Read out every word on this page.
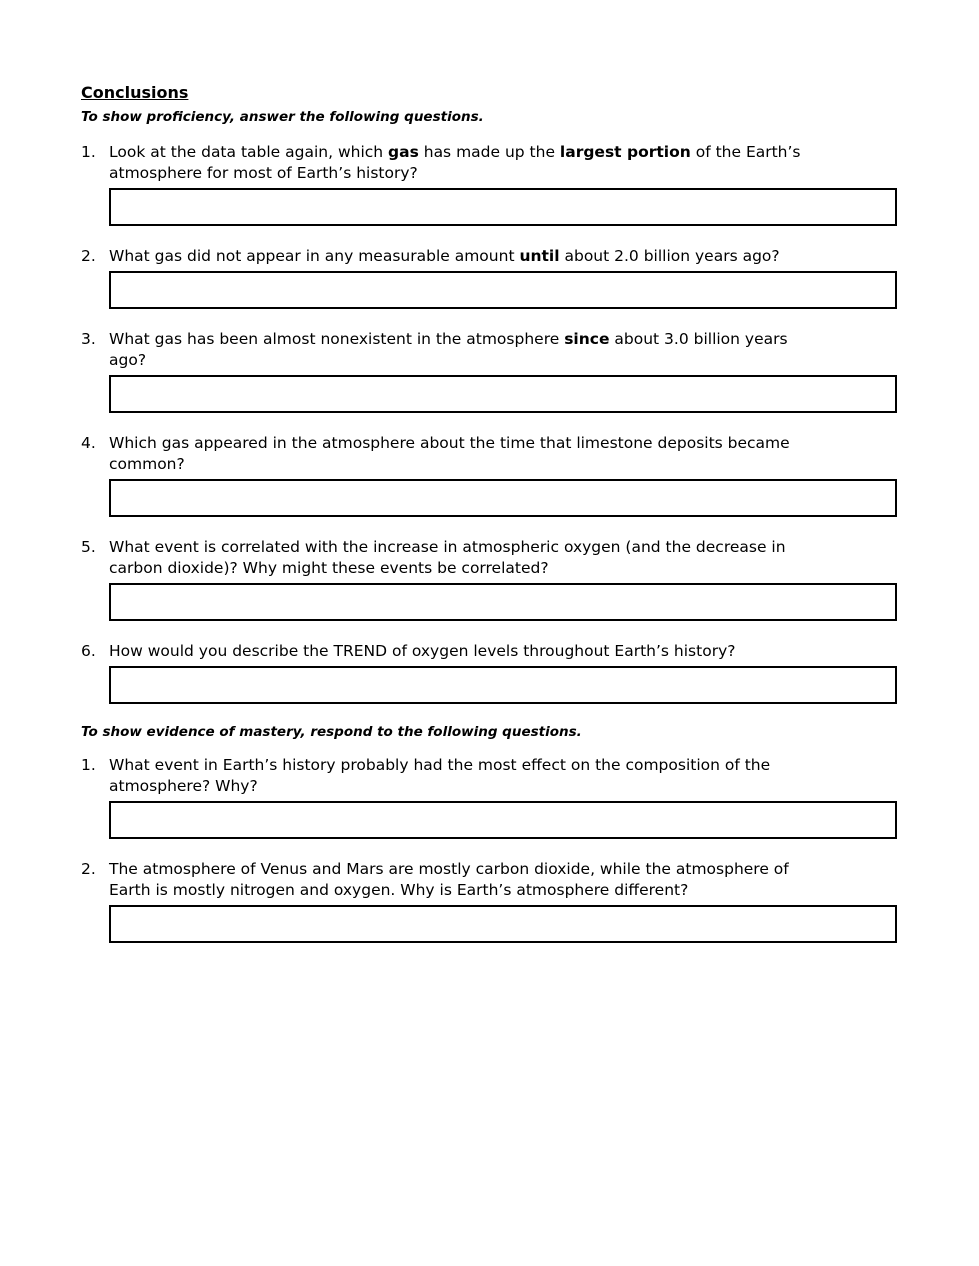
Conclusions

To show proficiency, answer the following questions.

1. Look at the data table again, which gas has made up the largest portion of the Earth’s
atmosphere for most of Earth’s history?

2. What gas did not appear in any measurable amount until about 2.0 billion years ago?

3. What gas has been almost nonexistent in the atmosphere since about 3.0 billion years
ago?

4. Which gas appeared in the atmosphere about the time that limestone deposits became
common?

5. What event is correlated with the increase in atmospheric oxygen (and the decrease in
carbon dioxide)? Why might these events be correlated?

6. How would you describe the TREND of oxygen levels throughout Earth’s history?

To show evidence of mastery, respond to the following questions.

1. What event in Earth’s history probably had the most effect on the composition of the
atmosphere? Why?

2. The atmosphere of Venus and Mars are mostly carbon dioxide, while the atmosphere of
Earth is mostly nitrogen and oxygen. Why is Earth’s atmosphere different?
